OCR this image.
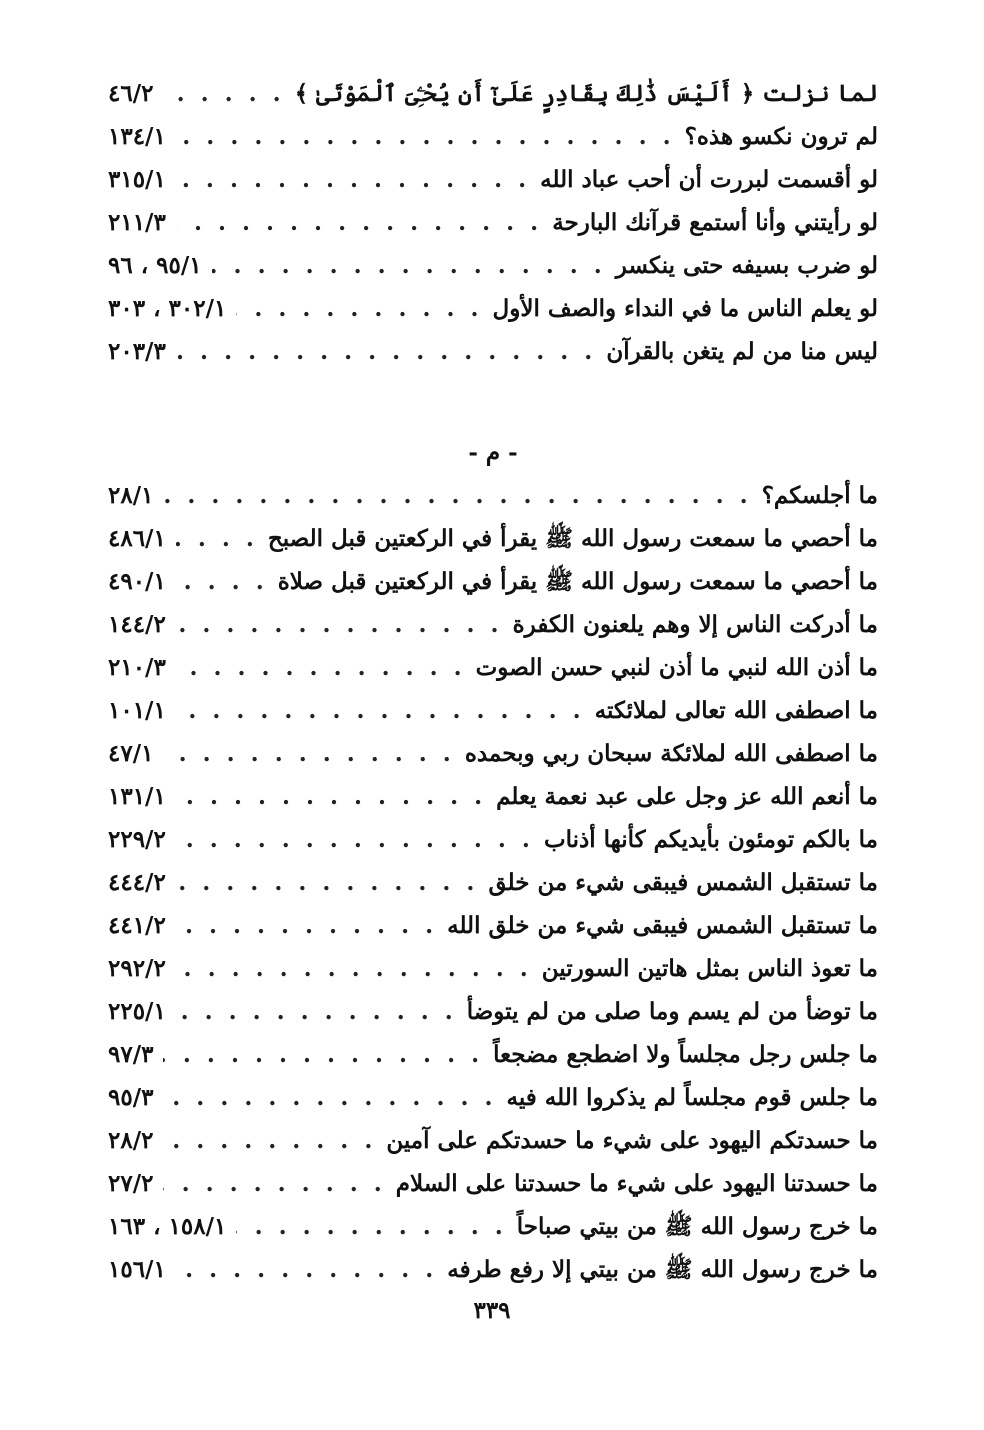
لما نزلت ﴿ أَلَيْسَ ذَٰلِكَ بِقَادِرٍ عَلَىٰٓ أَن يُحْـِۧىَ ٱلْمَوْتَىٰ ﴾
. . .
٤٦/٢
لم ترون نكسو هذه؟
. . .
١٣٤/١
لو أقسمت لبررت أن أحب عباد الله
. . .
٣١٥/١
لو رأيتني وأنا أستمع قرآنك البارحة
. . .
٢١١/٣
لو ضرب بسيفه حتى ينكسر
. . .
٩٥/١ ، ٩٦
لو يعلم الناس ما في النداء والصف الأول
. . .
٣٠٢/١ ، ٣٠٣
ليس منا من لم يتغن بالقرآن
. . .
٢٠٣/٣
- م -
ما أجلسكم؟
. . .
٢٨/١
ما أحصي ما سمعت رسول الله ﷺ يقرأ في الركعتين قبل الصبح
. . .
٤٨٦/١
ما أحصي ما سمعت رسول الله ﷺ يقرأ في الركعتين قبل صلاة
. . .
٤٩٠/١
ما أدركت الناس إلا وهم يلعنون الكفرة
. . .
١٤٤/٢
ما أذن الله لنبي ما أذن لنبي حسن الصوت
. . .
٢١٠/٣
ما اصطفى الله تعالى لملائكته
. . .
١٠١/١
ما اصطفى الله لملائكة سبحان ربي وبحمده
. . .
٤٧/١
ما أنعم الله عز وجل على عبد نعمة يعلم
. . .
١٣١/١
ما بالكم تومئون بأيديكم كأنها أذناب
. . .
٢٢٩/٢
ما تستقبل الشمس فيبقى شيء من خلق
. . .
٤٤٤/٢
ما تستقبل الشمس فيبقى شيء من خلق الله
. . .
٤٤١/٢
ما تعوذ الناس بمثل هاتين السورتين
. . .
٢٩٢/٢
ما توضأ من لم يسم وما صلى من لم يتوضأ
. . .
٢٢٥/١
ما جلس رجل مجلساً ولا اضطجع مضجعاً
. . .
٩٧/٣
ما جلس قوم مجلساً لم يذكروا الله فيه
. . .
٩٥/٣
ما حسدتكم اليهود على شيء ما حسدتكم على آمين
. . .
٢٨/٢
ما حسدتنا اليهود على شيء ما حسدتنا على السلام
. . .
٢٧/٢
ما خرج رسول الله ﷺ من بيتي صباحاً
. . .
١٥٨/١ ، ١٦٣
ما خرج رسول الله ﷺ من بيتي إلا رفع طرفه
. . .
١٥٦/١
٣٣٩
